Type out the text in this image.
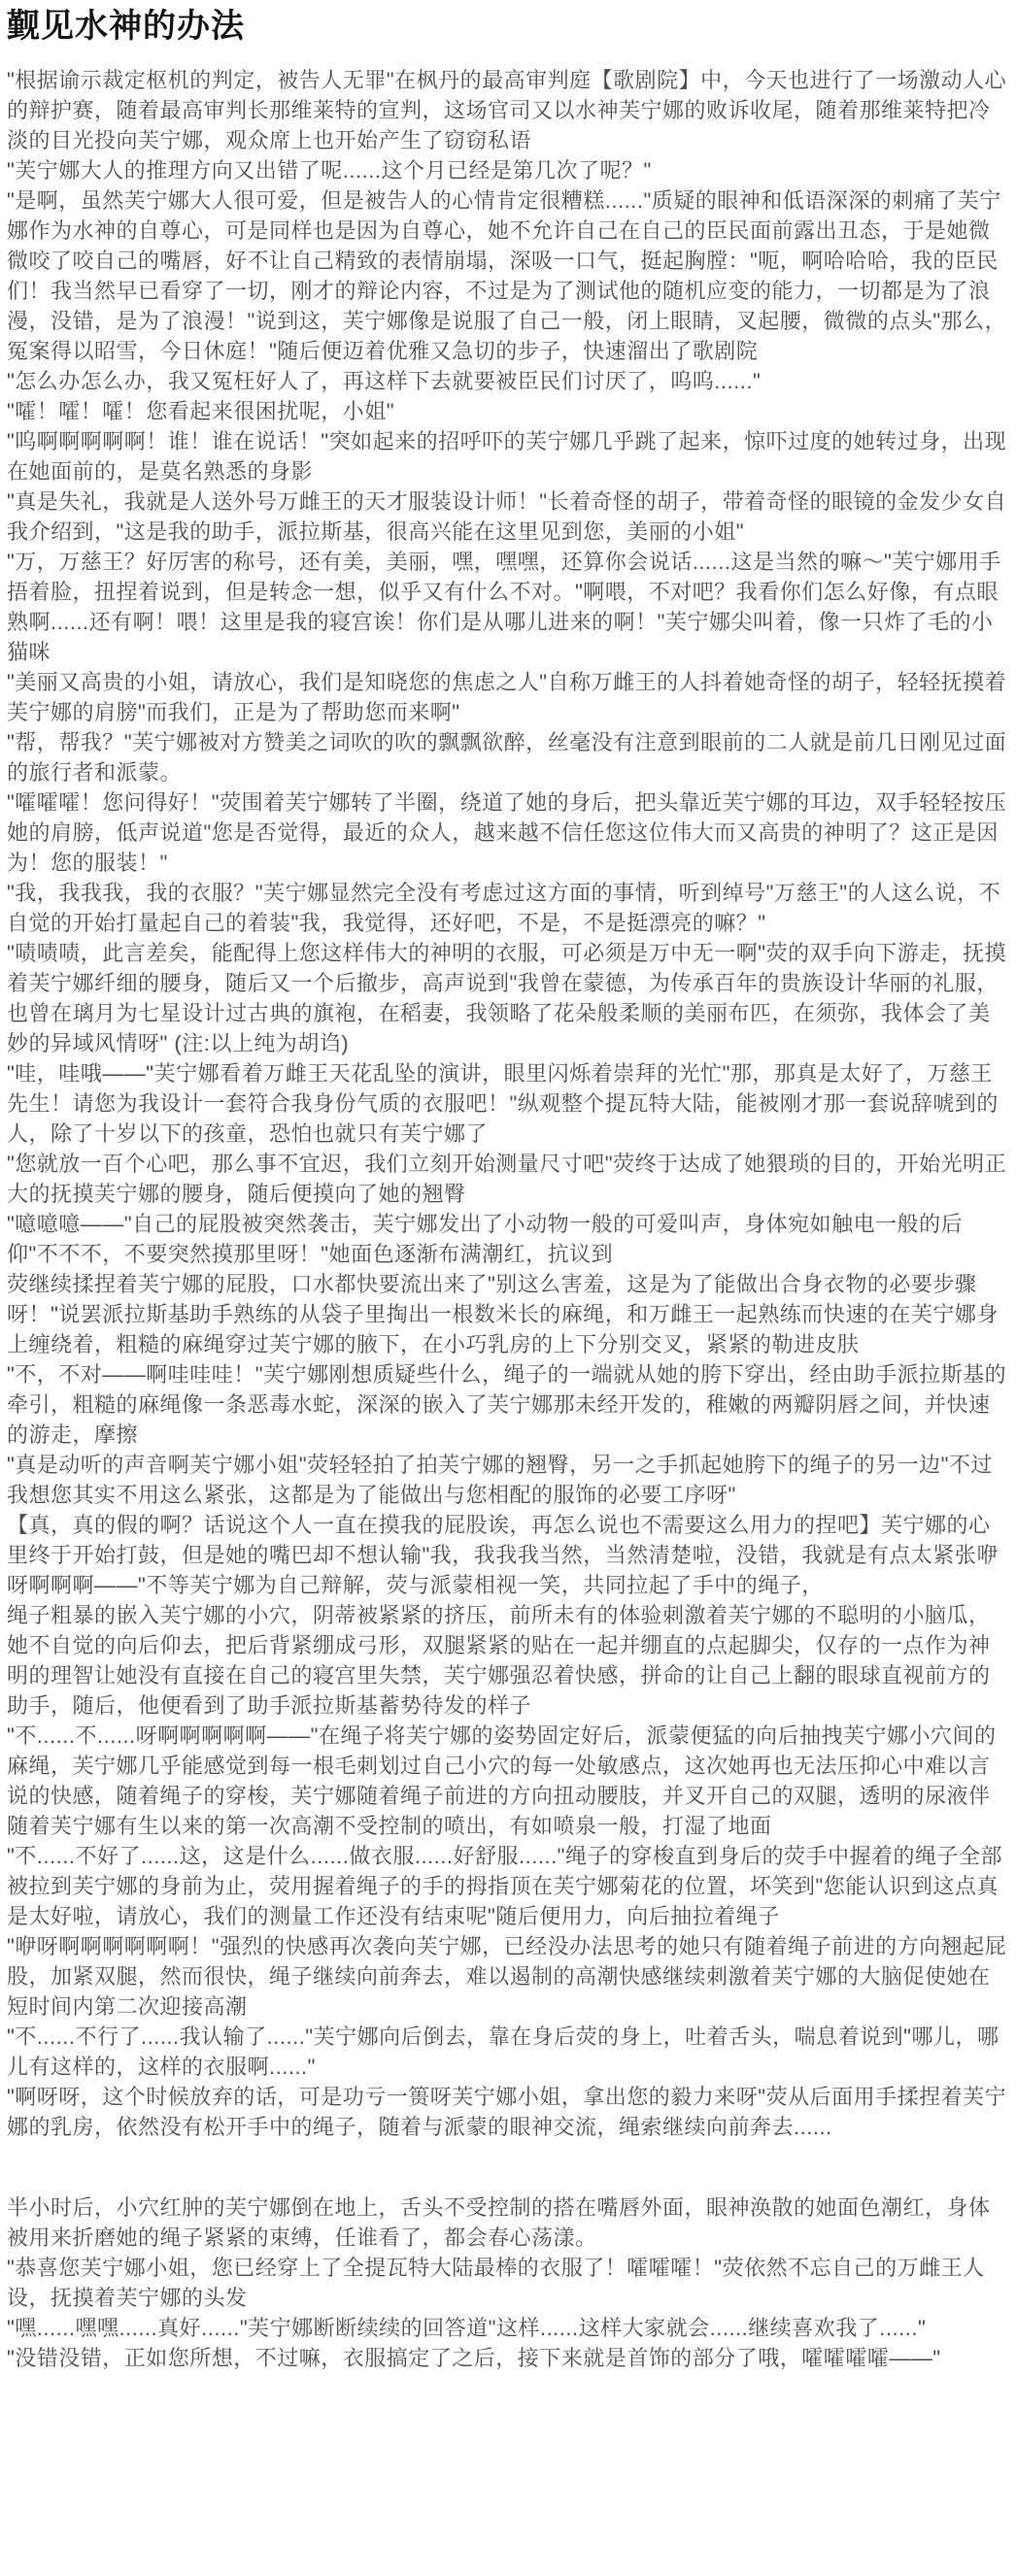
觐见水神的办法

"根据谕示裁定枢机的判定，被告人无罪"在枫丹的最高审判庭【歌剧院】中，今天也进行了一场激动人心的辩护赛，随着最高审判长那维莱特的宣判，这场官司又以水神芙宁娜的败诉收尾，随着那维莱特把冷淡的目光投向芙宁娜，观众席上也开始产生了窃窃私语

"芙宁娜大人的推理方向又出错了呢......这个月已经是第几次了呢？"

"是啊，虽然芙宁娜大人很可爱，但是被告人的心情肯定很糟糕......"质疑的眼神和低语深深的刺痛了芙宁娜作为水神的自尊心，可是同样也是因为自尊心，她不允许自己在自己的臣民面前露出丑态，于是她微微咬了咬自己的嘴唇，好不让自己精致的表情崩塌，深吸一口气，挺起胸膛："呃，啊哈哈哈，我的臣民们！我当然早已看穿了一切，刚才的辩论内容，不过是为了测试他的随机应变的能力，一切都是为了浪漫，没错，是为了浪漫！"说到这，芙宁娜像是说服了自己一般，闭上眼睛，叉起腰，微微的点头"那么，冤案得以昭雪，今日休庭！"随后便迈着优雅又急切的步子，快速溜出了歌剧院

"怎么办怎么办，我又冤枉好人了，再这样下去就要被臣民们讨厌了，呜呜......"

"嚯！嚯！嚯！您看起来很困扰呢，小姐"

"呜啊啊啊啊啊！谁！谁在说话！"突如起来的招呼吓的芙宁娜几乎跳了起来，惊吓过度的她转过身，出现在她面前的，是莫名熟悉的身影

"真是失礼，我就是人送外号万雌王的天才服装设计师！"长着奇怪的胡子，带着奇怪的眼镜的金发少女自我介绍到，"这是我的助手，派拉斯基，很高兴能在这里见到您，美丽的小姐"

"万，万慈王？好厉害的称号，还有美，美丽，嘿，嘿嘿，还算你会说话......这是当然的嘛～"芙宁娜用手捂着脸，扭捏着说到，但是转念一想，似乎又有什么不对。"啊喂，不对吧？我看你们怎么好像，有点眼熟啊......还有啊！喂！这里是我的寝宫诶！你们是从哪儿进来的啊！"芙宁娜尖叫着，像一只炸了毛的小猫咪

"美丽又高贵的小姐，请放心，我们是知晓您的焦虑之人"自称万雌王的人抖着她奇怪的胡子，轻轻抚摸着芙宁娜的肩膀"而我们，正是为了帮助您而来啊"

"帮，帮我？"芙宁娜被对方赞美之词吹的吹的飘飘欲醉，丝毫没有注意到眼前的二人就是前几日刚见过面的旅行者和派蒙。

"嚯嚯嚯！您问得好！"荧围着芙宁娜转了半圈，绕道了她的身后，把头靠近芙宁娜的耳边，双手轻轻按压她的肩膀，低声说道"您是否觉得，最近的众人，越来越不信任您这位伟大而又高贵的神明了？这正是因为！您的服装！"

"我，我我我，我的衣服？"芙宁娜显然完全没有考虑过这方面的事情，听到绰号"万慈王"的人这么说，不自觉的开始打量起自己的着装"我，我觉得，还好吧，不是，不是挺漂亮的嘛？"

"啧啧啧，此言差矣，能配得上您这样伟大的神明的衣服，可必须是万中无一啊"荧的双手向下游走，抚摸着芙宁娜纤细的腰身，随后又一个后撤步，高声说到"我曾在蒙德，为传承百年的贵族设计华丽的礼服，也曾在璃月为七星设计过古典的旗袍，在稻妻，我领略了花朵般柔顺的美丽布匹，在须弥，我体会了美妙的异域风情呀" (注:以上纯为胡诌)

"哇，哇哦——"芙宁娜看着万雌王天花乱坠的演讲，眼里闪烁着崇拜的光忙"那，那真是太好了，万慈王先生！请您为我设计一套符合我身份气质的衣服吧！"纵观整个提瓦特大陆，能被刚才那一套说辞唬到的人，除了十岁以下的孩童，恐怕也就只有芙宁娜了

"您就放一百个心吧，那么事不宜迟，我们立刻开始测量尺寸吧"荧终于达成了她猥琐的目的，开始光明正大的抚摸芙宁娜的腰身，随后便摸向了她的翘臀

"噫噫噫——"自己的屁股被突然袭击，芙宁娜发出了小动物一般的可爱叫声，身体宛如触电一般的后仰"不不不，不要突然摸那里呀！"她面色逐渐布满潮红，抗议到

荧继续揉捏着芙宁娜的屁股，口水都快要流出来了"别这么害羞，这是为了能做出合身衣物的必要步骤呀！"说罢派拉斯基助手熟练的从袋子里掏出一根数米长的麻绳，和万雌王一起熟练而快速的在芙宁娜身上缠绕着，粗糙的麻绳穿过芙宁娜的腋下，在小巧乳房的上下分别交叉，紧紧的勒进皮肤

"不，不对——啊哇哇哇！"芙宁娜刚想质疑些什么，绳子的一端就从她的胯下穿出，经由助手派拉斯基的牵引，粗糙的麻绳像一条恶毒水蛇，深深的嵌入了芙宁娜那未经开发的，稚嫩的两瓣阴唇之间，并快速的游走，摩擦

"真是动听的声音啊芙宁娜小姐"荧轻轻拍了拍芙宁娜的翘臀，另一之手抓起她胯下的绳子的另一边"不过我想您其实不用这么紧张，这都是为了能做出与您相配的服饰的必要工序呀"

【真，真的假的啊？话说这个人一直在摸我的屁股诶，再怎么说也不需要这么用力的捏吧】芙宁娜的心里终于开始打鼓，但是她的嘴巴却不想认输"我，我我我当然，当然清楚啦，没错，我就是有点太紧张咿呀啊啊啊——"不等芙宁娜为自己辩解，荧与派蒙相视一笑，共同拉起了手中的绳子，

绳子粗暴的嵌入芙宁娜的小穴，阴蒂被紧紧的挤压，前所未有的体验刺激着芙宁娜的不聪明的小脑瓜，她不自觉的向后仰去，把后背紧绷成弓形，双腿紧紧的贴在一起并绷直的点起脚尖，仅存的一点作为神明的理智让她没有直接在自己的寝宫里失禁，芙宁娜强忍着快感，拼命的让自己上翻的眼球直视前方的助手，随后，他便看到了助手派拉斯基蓄势待发的样子

"不......不......呀啊啊啊啊啊——"在绳子将芙宁娜的姿势固定好后，派蒙便猛的向后抽拽芙宁娜小穴间的麻绳，芙宁娜几乎能感觉到每一根毛刺划过自己小穴的每一处敏感点，这次她再也无法压抑心中难以言说的快感，随着绳子的穿梭，芙宁娜随着绳子前进的方向扭动腰肢，并叉开自己的双腿，透明的尿液伴随着芙宁娜有生以来的第一次高潮不受控制的喷出，有如喷泉一般，打湿了地面

"不......不好了......这，这是什么......做衣服......好舒服......"绳子的穿梭直到身后的荧手中握着的绳子全部被拉到芙宁娜的身前为止，荧用握着绳子的手的拇指顶在芙宁娜菊花的位置，坏笑到"您能认识到这点真是太好啦，请放心，我们的测量工作还没有结束呢"随后便用力，向后抽拉着绳子

"咿呀啊啊啊啊啊啊！"强烈的快感再次袭向芙宁娜，已经没办法思考的她只有随着绳子前进的方向翘起屁股，加紧双腿，然而很快，绳子继续向前奔去，难以遏制的高潮快感继续刺激着芙宁娜的大脑促使她在短时间内第二次迎接高潮

"不......不行了......我认输了......"芙宁娜向后倒去，靠在身后荧的身上，吐着舌头，喘息着说到"哪儿，哪儿有这样的，这样的衣服啊......"

"啊呀呀，这个时候放弃的话，可是功亏一篑呀芙宁娜小姐，拿出您的毅力来呀"荧从后面用手揉捏着芙宁娜的乳房，依然没有松开手中的绳子，随着与派蒙的眼神交流，绳索继续向前奔去......

半小时后，小穴红肿的芙宁娜倒在地上，舌头不受控制的搭在嘴唇外面，眼神涣散的她面色潮红，身体被用来折磨她的绳子紧紧的束缚，任谁看了，都会春心荡漾。

"恭喜您芙宁娜小姐，您已经穿上了全提瓦特大陆最棒的衣服了！嚯嚯嚯！"荧依然不忘自己的万雌王人设，抚摸着芙宁娜的头发

"嘿......嘿嘿......真好......"芙宁娜断断续续的回答道"这样......这样大家就会......继续喜欢我了......"

"没错没错，正如您所想，不过嘛，衣服搞定了之后，接下来就是首饰的部分了哦，嚯嚯嚯嚯——"
